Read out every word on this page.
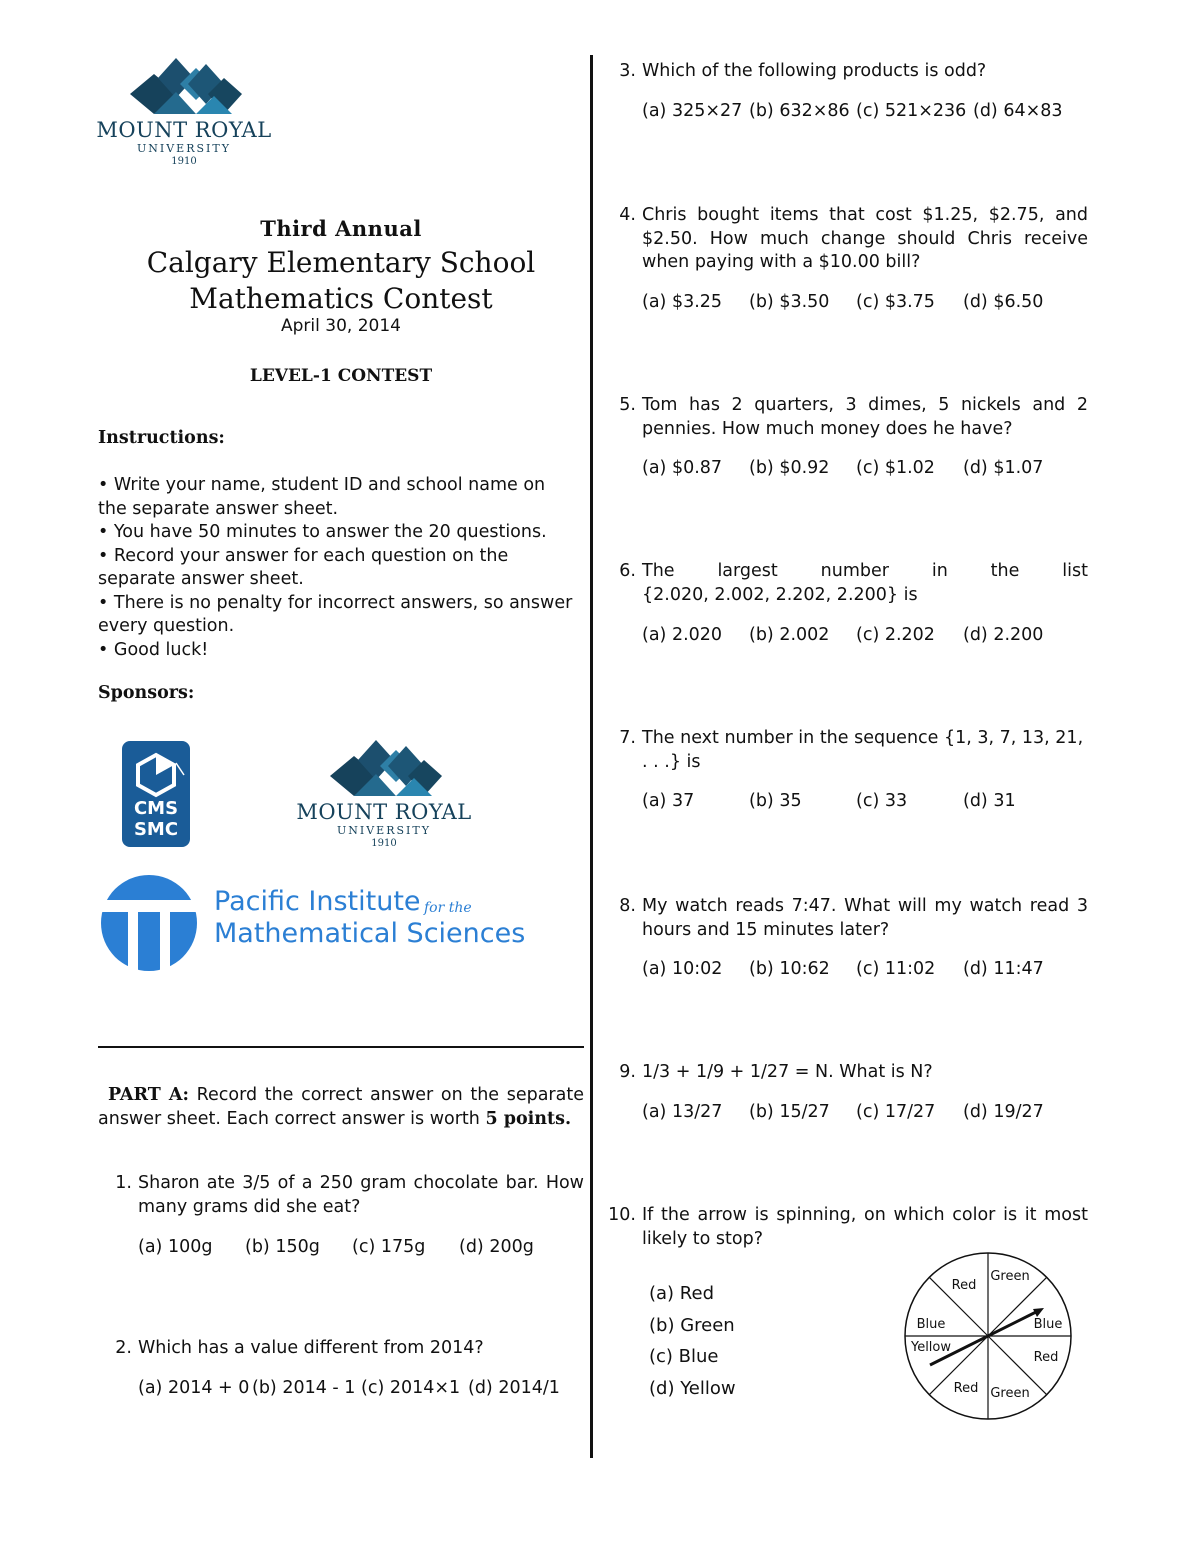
MOUNT ROYAL
UNIVERSITY
1910
Third Annual
Calgary Elementary School
Mathematics Contest
April 30, 2014
LEVEL-1 CONTEST
Instructions:
• Write your name, student ID and school name on the separate answer sheet.
• You have 50 minutes to answer the 20 questions.
• Record your answer for each question on the separate answer sheet.
• There is no penalty for incorrect answers, so answer every question.
• Good luck!
Sponsors:
CMS
SMC
MOUNT ROYAL
UNIVERSITY
1910
Pacific Institute for the
Mathematical Sciences
PART A: Record the correct answer on the separate answer sheet. Each correct answer is worth 5 points.
1. Sharon ate 3/5 of a 250 gram chocolate bar. How many grams did she eat?
(a) 100g (b) 150g (c) 175g (d) 200g
2. Which has a value different from 2014?
(a) 2014 + 0 (b) 2014 - 1 (c) 2014×1 (d) 2014/1
3. Which of the following products is odd?
(a) 325×27 (b) 632×86 (c) 521×236 (d) 64×83
4. Chris bought items that cost $1.25, $2.75, and $2.50. How much change should Chris receive when paying with a $10.00 bill?
(a) $3.25 (b) $3.50 (c) $3.75 (d) $6.50
5. Tom has 2 quarters, 3 dimes, 5 nickels and 2 pennies. How much money does he have?
(a) $0.87 (b) $0.92 (c) $1.02 (d) $1.07
6. The largest number in the list
{2.020, 2.002, 2.202, 2.200} is
(a) 2.020 (b) 2.002 (c) 2.202 (d) 2.200
7. The next number in the sequence {1, 3, 7, 13, 21, . . .} is
(a) 37	(b) 35	(c) 33	(d) 31
8. My watch reads 7:47. What will my watch read 3 hours and 15 minutes later?
(a) 10:02 (b) 10:62 (c) 11:02 (d) 11:47
9. 1/3 + 1/9 + 1/27 = N. What is N?
(a) 13/27 (b) 15/27 (c) 17/27 (d) 19/27
10. If the arrow is spinning, on which color is it most likely to stop?
(a) Red
(b) Green
(c) Blue
(d) Yellow
Green
Red
Blue
Yellow
Blue
Red
Red Green
